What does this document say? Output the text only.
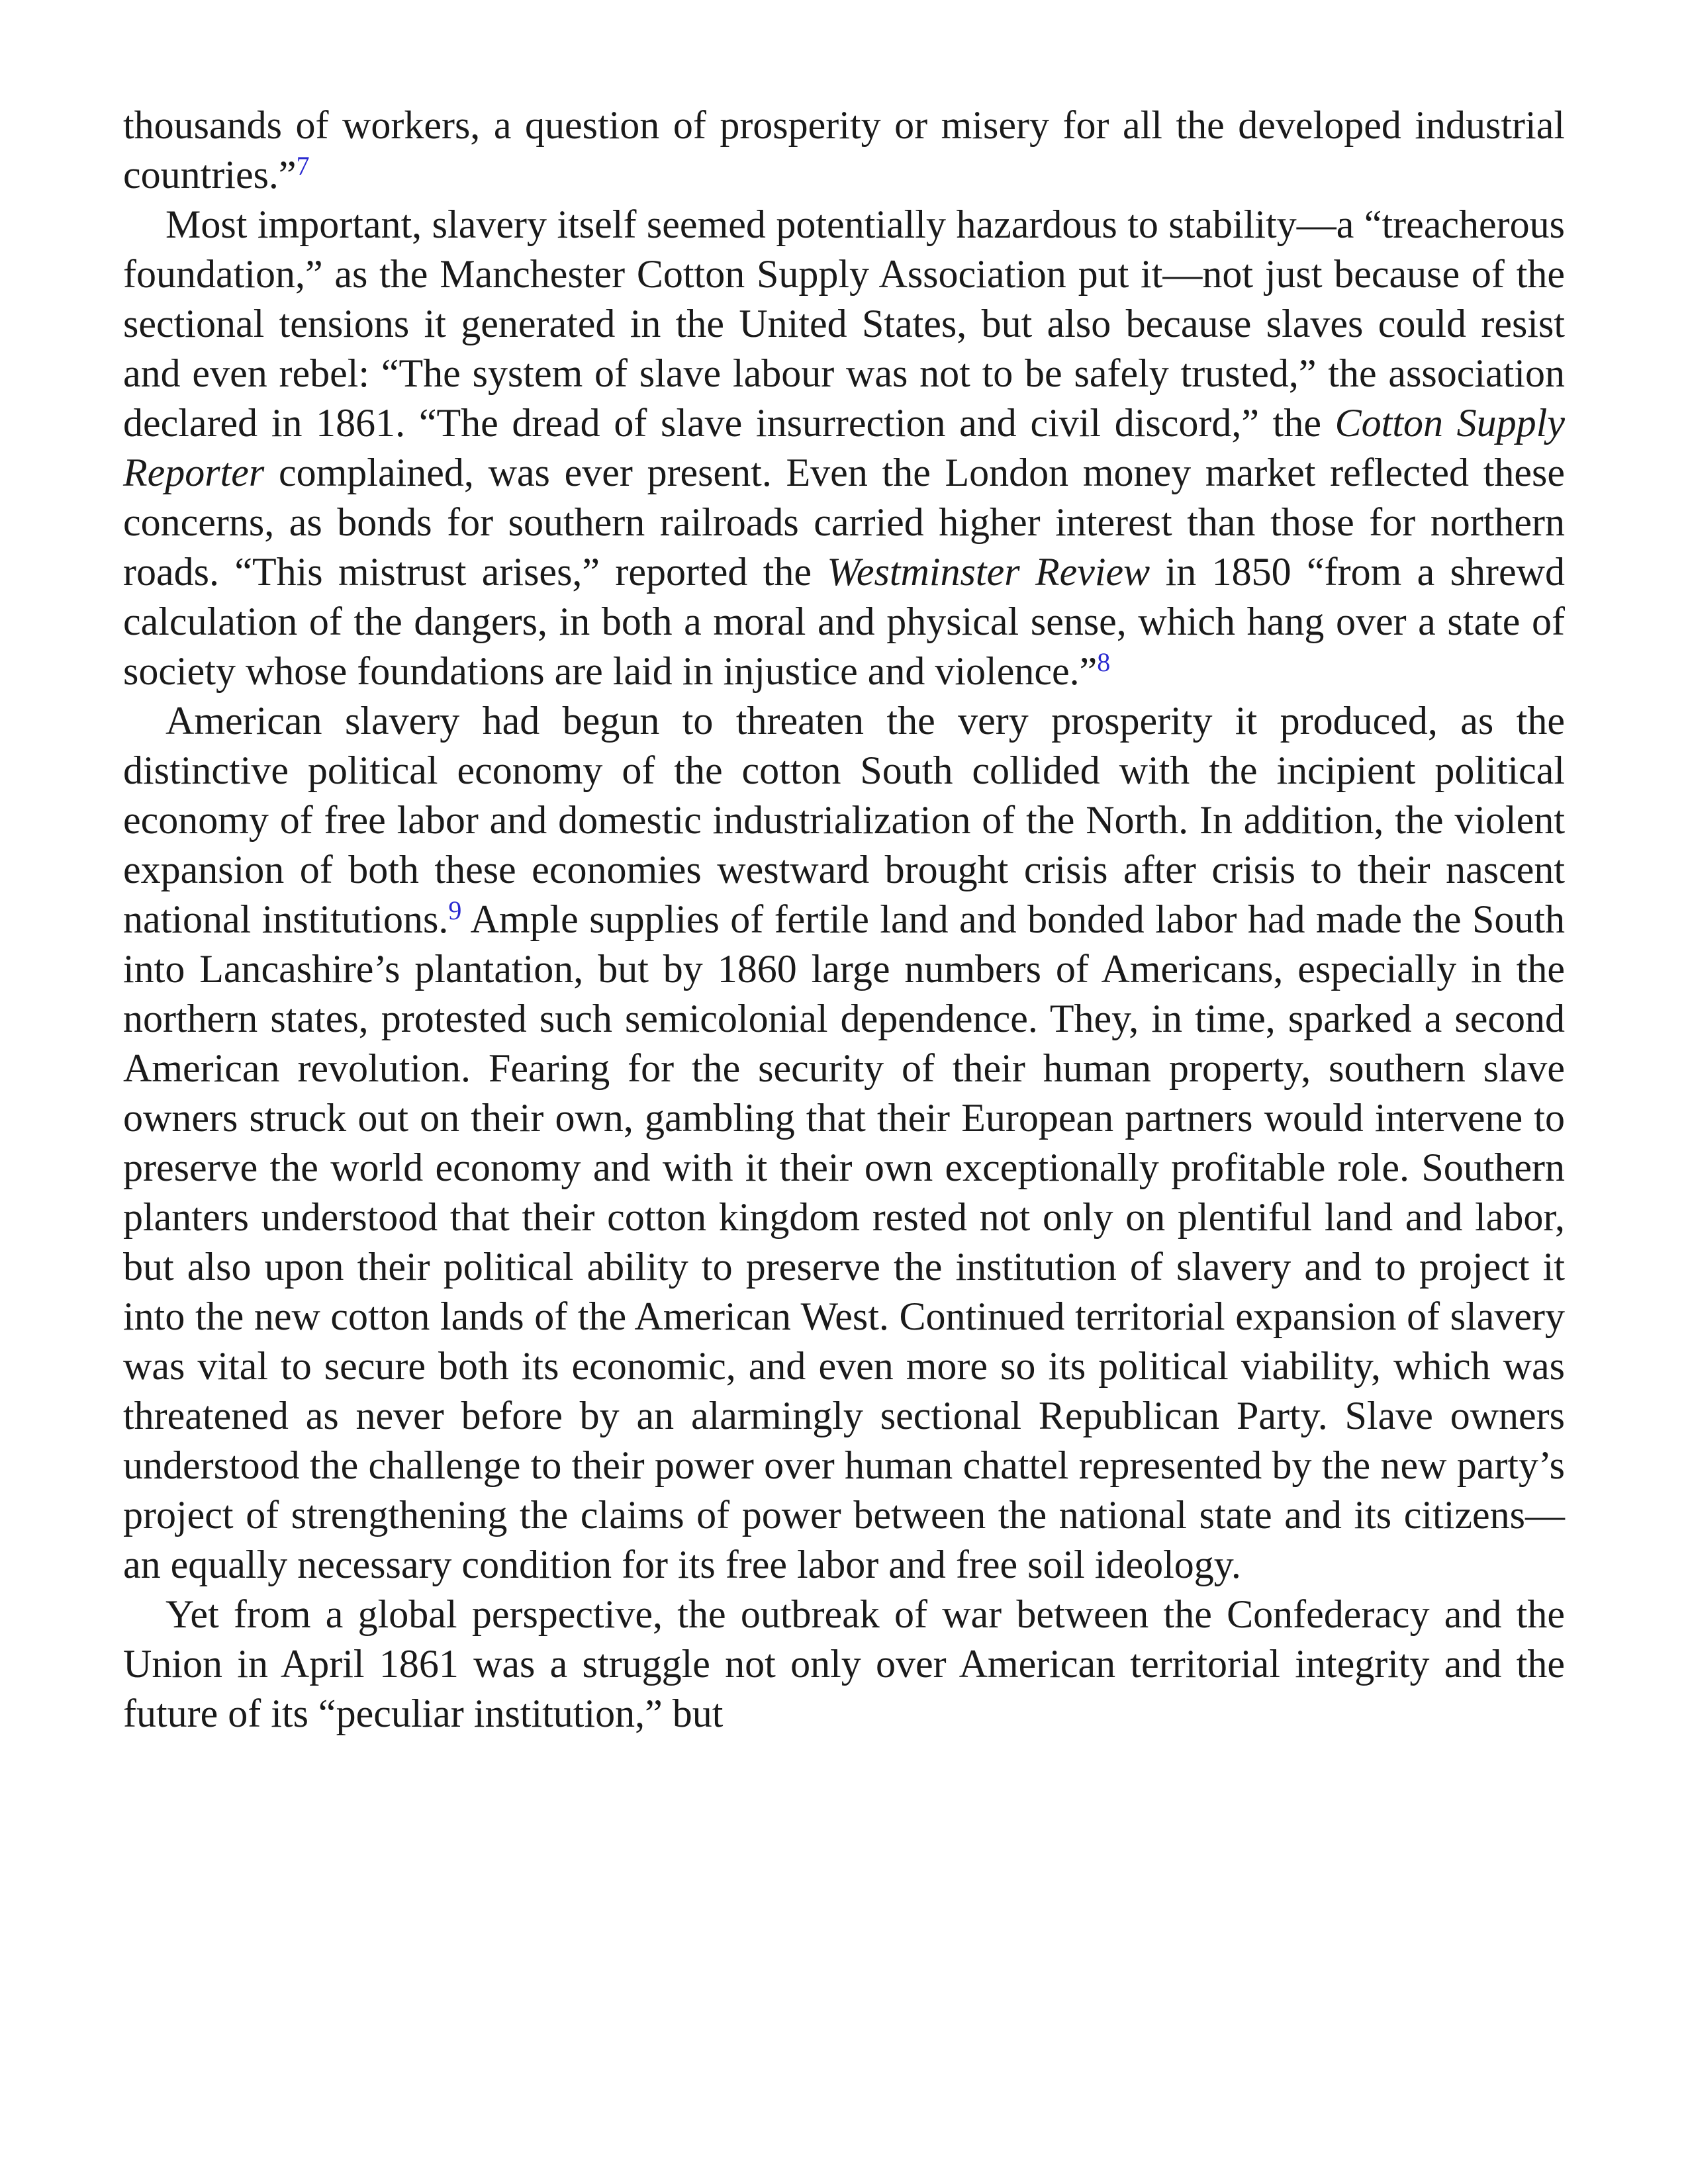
thousands of workers, a question of prosperity or misery for all the developed industrial countries.”$^7$

Most important, slavery itself seemed potentially hazardous to stability—a “treacherous foundation,” as the Manchester Cotton Supply Association put it—not just because of the sectional tensions it generated in the United States, but also because slaves could resist and even rebel: “The system of slave labour was not to be safely trusted,” the association declared in 1861. “The dread of slave insurrection and civil discord,” the Cotton Supply Reporter complained, was ever present. Even the London money market reflected these concerns, as bonds for southern railroads carried higher interest than those for northern roads. “This mistrust arises,” reported the Westminster Review in 1850 “from a shrewd calculation of the dangers, in both a moral and physical sense, which hang over a state of society whose foundations are laid in injustice and violence.”$^8$

American slavery had begun to threaten the very prosperity it produced, as the distinctive political economy of the cotton South collided with the incipient political economy of free labor and domestic industrialization of the North. In addition, the violent expansion of both these economies westward brought crisis after crisis to their nascent national institutions.$^9$ Ample supplies of fertile land and bonded labor had made the South into Lancashire’s plantation, but by 1860 large numbers of Americans, especially in the northern states, protested such semicolonial dependence. They, in time, sparked a second American revolution. Fearing for the security of their human property, southern slave owners struck out on their own, gambling that their European partners would intervene to preserve the world economy and with it their own exceptionally profitable role. Southern planters understood that their cotton kingdom rested not only on plentiful land and labor, but also upon their political ability to preserve the institution of slavery and to project it into the new cotton lands of the American West. Continued territorial expansion of slavery was vital to secure both its economic, and even more so its political viability, which was threatened as never before by an alarmingly sectional Republican Party. Slave owners understood the challenge to their power over human chattel represented by the new party’s project of strengthening the claims of power between the national state and its citizens—an equally necessary condition for its free labor and free soil ideology.

Yet from a global perspective, the outbreak of war between the Confederacy and the Union in April 1861 was a struggle not only over American territorial integrity and the future of its “peculiar institution,” but
